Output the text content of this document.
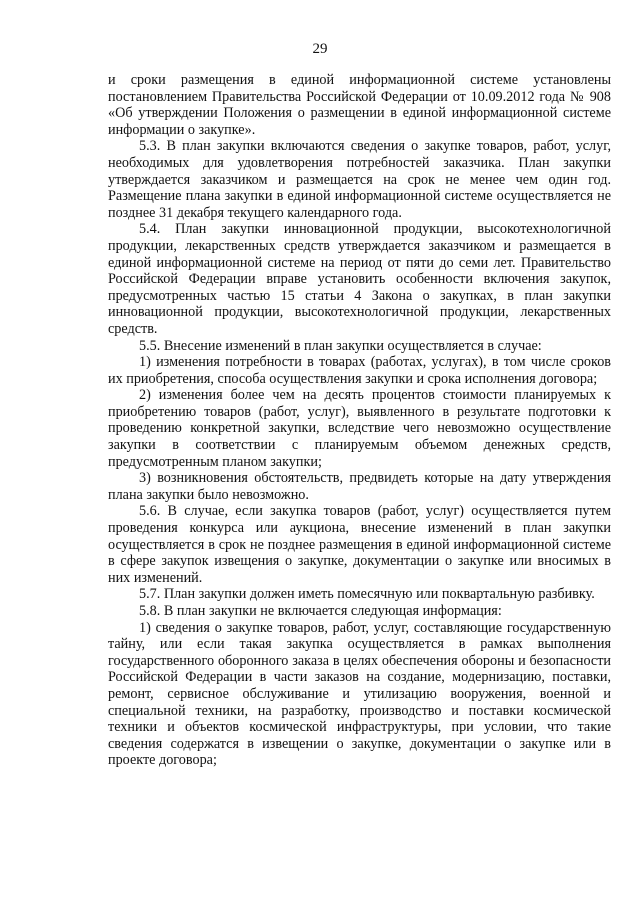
29

и сроки размещения в единой информационной системе установлены постановлением Правительства Российской Федерации от 10.09.2012 года № 908 «Об утверждении Положения о размещении в единой информационной системе информации о закупке».

5.3. В план закупки включаются сведения о закупке товаров, работ, услуг, необходимых для удовлетворения потребностей заказчика. План закупки утверждается заказчиком и размещается на срок не менее чем один год. Размещение плана закупки в единой информационной системе осуществляется не позднее 31 декабря текущего календарного года.

5.4. План закупки инновационной продукции, высокотехнологичной продукции, лекарственных средств утверждается заказчиком и размещается в единой информационной системе на период от пяти до семи лет. Правительство Российской Федерации вправе установить особенности включения закупок, предусмотренных частью 15 статьи 4 Закона о закупках, в план закупки инновационной продукции, высокотехнологичной продукции, лекарственных средств.

5.5. Внесение изменений в план закупки осуществляется в случае:

1) изменения потребности в товарах (работах, услугах), в том числе сроков их приобретения, способа осуществления закупки и срока исполнения договора;

2) изменения более чем на десять процентов стоимости планируемых к приобретению товаров (работ, услуг), выявленного в результате подготовки к проведению конкретной закупки, вследствие чего невозможно осуществление закупки в соответствии с планируемым объемом денежных средств, предусмотренным планом закупки;

3) возникновения обстоятельств, предвидеть которые на дату утверждения плана закупки было невозможно.

5.6. В случае, если закупка товаров (работ, услуг) осуществляется путем проведения конкурса или аукциона, внесение изменений в план закупки осуществляется в срок не позднее размещения в единой информационной системе в сфере закупок извещения о закупке, документации о закупке или вносимых в них изменений.

5.7. План закупки должен иметь помесячную или поквартальную разбивку.

5.8. В план закупки не включается следующая информация:

1) сведения о закупке товаров, работ, услуг, составляющие государственную тайну, или если такая закупка осуществляется в рамках выполнения государственного оборонного заказа в целях обеспечения обороны и безопасности Российской Федерации в части заказов на создание, модернизацию, поставки, ремонт, сервисное обслуживание и утилизацию вооружения, военной и специальной техники, на разработку, производство и поставки космической техники и объектов космической инфраструктуры, при условии, что такие сведения содержатся в извещении о закупке, документации о закупке или в проекте договора;
